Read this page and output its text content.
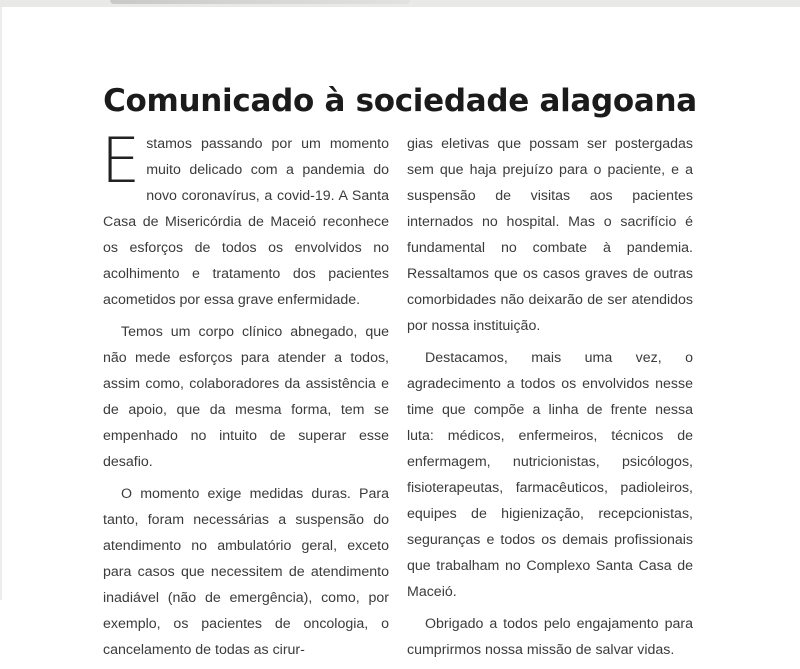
Comunicado à sociedade alagoana

Estamos passando por um momento muito delicado com a pandemia do novo coronavírus, a covid-19. A Santa Casa de Misericórdia de Maceió reconhece os esforços de todos os envolvidos no acolhimento e tratamento dos pacientes acometidos por essa grave enfermidade.

Temos um corpo clínico abnegado, que não mede esforços para atender a todos, assim como, colaboradores da assistência e de apoio, que da mesma forma, tem se empenhado no intuito de superar esse desafio.

O momento exige medidas duras. Para tanto, foram necessárias a suspensão do atendimento no ambulatório geral, exceto para casos que necessitem de atendimento inadiável (não de emergência), como, por exemplo, os pacientes de oncologia, o cancelamento de todas as cirur-

gias eletivas que possam ser postergadas sem que haja prejuízo para o paciente, e a suspensão de visitas aos pacientes internados no hospital. Mas o sacrifício é fundamental no combate à pandemia. Ressaltamos que os casos graves de outras comorbidades não deixarão de ser atendidos por nossa instituição.

Destacamos, mais uma vez, o agradecimento a todos os envolvidos nesse time que compõe a linha de frente nessa luta: médicos, enfermeiros, técnicos de enfermagem, nutricionistas, psicólogos, fisioterapeutas, farmacêuticos, padioleiros, equipes de higienização, recepcionistas, seguranças e todos os demais profissionais que trabalham no Complexo Santa Casa de Maceió.

Obrigado a todos pelo engajamento para cumprirmos nossa missão de salvar vidas.
